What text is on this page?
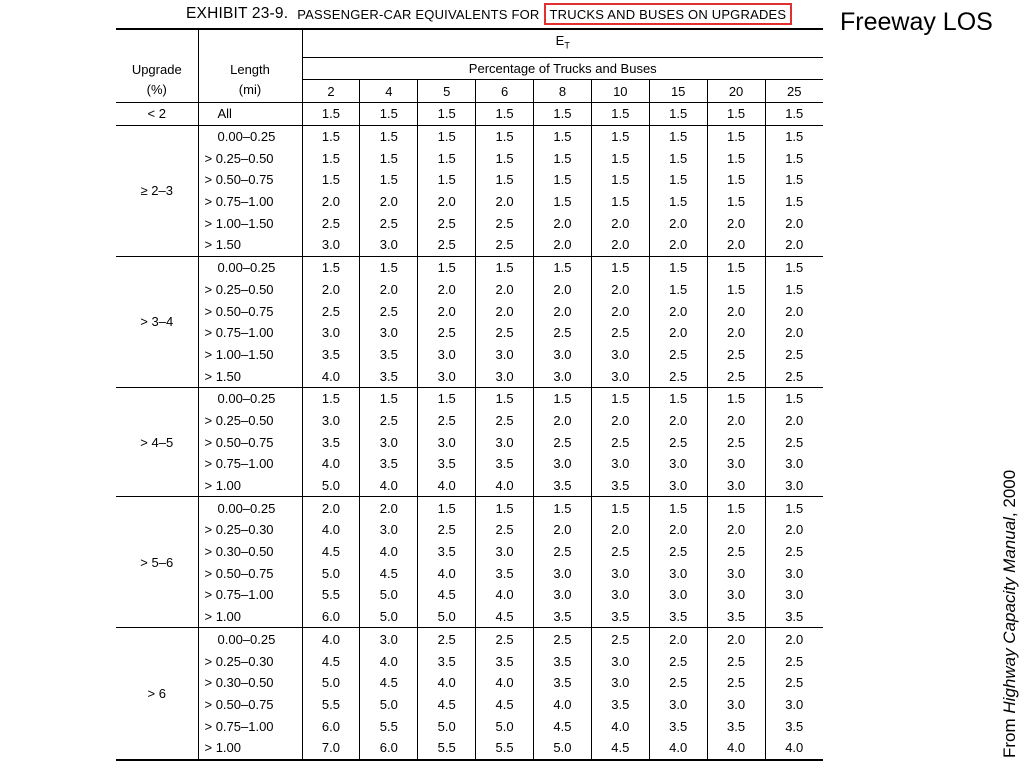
EXHIBIT 23-9.
PASSENGER-CAR EQUIVALENTS FOR TRUCKS AND BUSES ON UPGRADES Freeway LOS
From Highway Capacity Manual, 2000
Upgrade
(%)	Length
(mi)	$E_T$
		Percentage of Trucks and Buses								
		2	4	5	6	8	10	15	20	25
< 2	All	1.5	1.5	1.5	1.5	1.5	1.5	1.5	1.5	1.5
≥ 2–3	0.00–0.25	1.5	1.5	1.5	1.5	1.5	1.5	1.5	1.5	1.5
	> 0.25–0.50	1.5	1.5	1.5	1.5	1.5	1.5	1.5	1.5	1.5
	> 0.50–0.75	1.5	1.5	1.5	1.5	1.5	1.5	1.5	1.5	1.5
	> 0.75–1.00	2.0	2.0	2.0	2.0	1.5	1.5	1.5	1.5	1.5
	> 1.00–1.50	2.5	2.5	2.5	2.5	2.0	2.0	2.0	2.0	2.0
	> 1.50	3.0	3.0	2.5	2.5	2.0	2.0	2.0	2.0	2.0
> 3–4	0.00–0.25	1.5	1.5	1.5	1.5	1.5	1.5	1.5	1.5	1.5
	> 0.25–0.50	2.0	2.0	2.0	2.0	2.0	2.0	1.5	1.5	1.5
	> 0.50–0.75	2.5	2.5	2.0	2.0	2.0	2.0	2.0	2.0	2.0
	> 0.75–1.00	3.0	3.0	2.5	2.5	2.5	2.5	2.0	2.0	2.0
	> 1.00–1.50	3.5	3.5	3.0	3.0	3.0	3.0	2.5	2.5	2.5
	> 1.50	4.0	3.5	3.0	3.0	3.0	3.0	2.5	2.5	2.5
> 4–5	0.00–0.25	1.5	1.5	1.5	1.5	1.5	1.5	1.5	1.5	1.5
	> 0.25–0.50	3.0	2.5	2.5	2.5	2.0	2.0	2.0	2.0	2.0
	> 0.50–0.75	3.5	3.0	3.0	3.0	2.5	2.5	2.5	2.5	2.5
	> 0.75–1.00	4.0	3.5	3.5	3.5	3.0	3.0	3.0	3.0	3.0
	> 1.00	5.0	4.0	4.0	4.0	3.5	3.5	3.0	3.0	3.0
> 5–6	0.00–0.25	2.0	2.0	1.5	1.5	1.5	1.5	1.5	1.5	1.5
	> 0.25–0.30	4.0	3.0	2.5	2.5	2.0	2.0	2.0	2.0	2.0
	> 0.30–0.50	4.5	4.0	3.5	3.0	2.5	2.5	2.5	2.5	2.5
	> 0.50–0.75	5.0	4.5	4.0	3.5	3.0	3.0	3.0	3.0	3.0
	> 0.75–1.00	5.5	5.0	4.5	4.0	3.0	3.0	3.0	3.0	3.0
	> 1.00	6.0	5.0	5.0	4.5	3.5	3.5	3.5	3.5	3.5
> 6	0.00–0.25	4.0	3.0	2.5	2.5	2.5	2.5	2.0	2.0	2.0
	> 0.25–0.30	4.5	4.0	3.5	3.5	3.5	3.0	2.5	2.5	2.5
	> 0.30–0.50	5.0	4.5	4.0	4.0	3.5	3.0	2.5	2.5	2.5
	> 0.50–0.75	5.5	5.0	4.5	4.5	4.0	3.5	3.0	3.0	3.0
	> 0.75–1.00	6.0	5.5	5.0	5.0	4.5	4.0	3.5	3.5	3.5
	> 1.00	7.0	6.0	5.5	5.5	5.0	4.5	4.0	4.0	4.0
